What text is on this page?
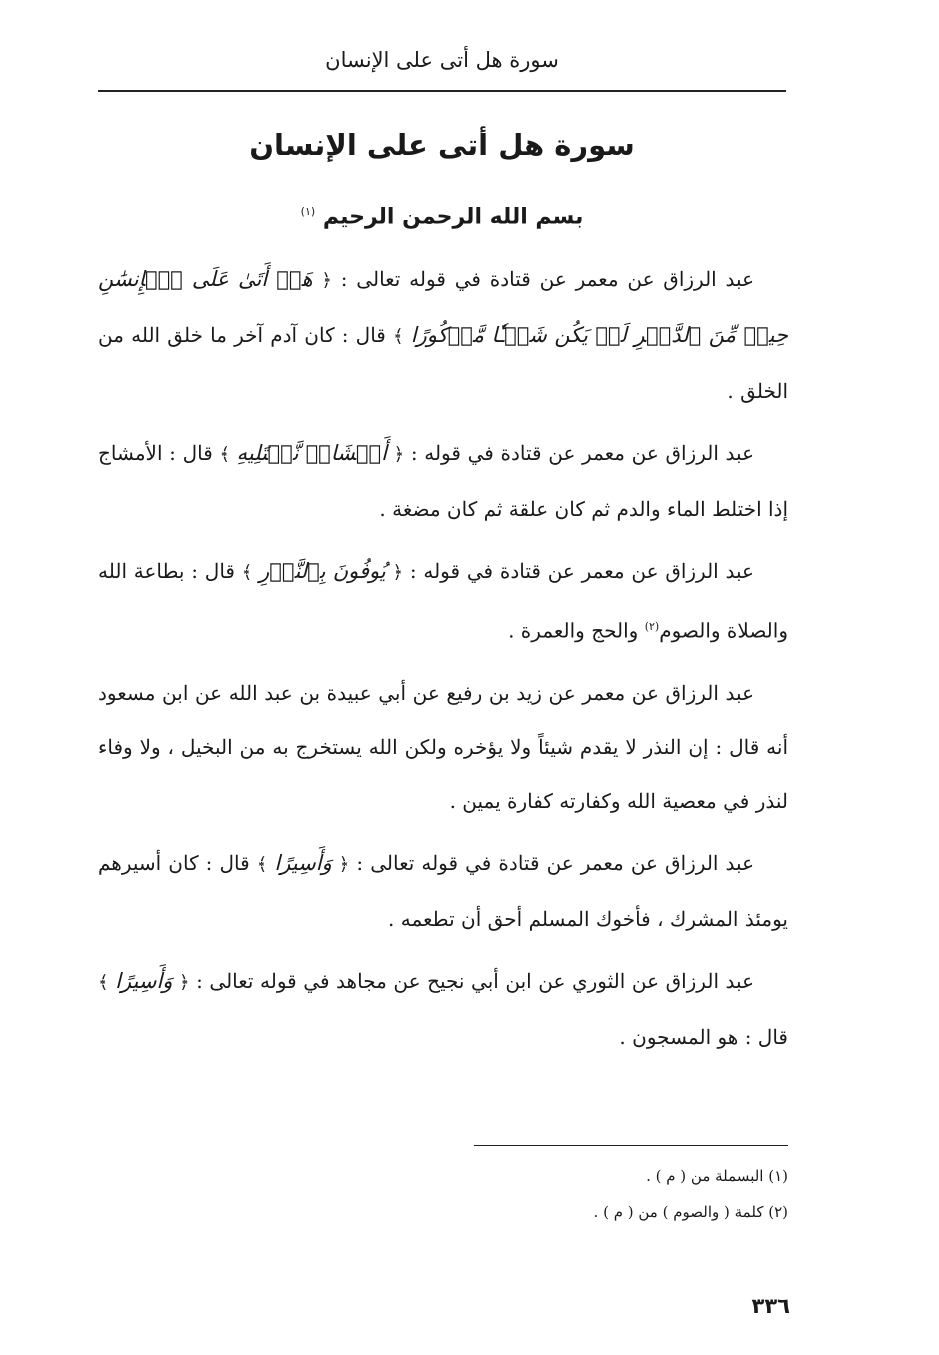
سورة هل أتى على الإنسان
سورة هل أتى على الإنسان
بسم الله الرحمن الرحيم $^{(١)}$

عبد الرزاق عن معمر عن قتادة في قوله تعالى : ﴿ هَلۡ أَتَىٰ عَلَى ٱلۡإِنسَٰنِ حِينٞ مِّنَ ٱلدَّهۡرِ لَمۡ يَكُن شَيۡـٔٗا مَّذۡكُورًا ﴾ قال : كان آدم آخر ما خلق الله من الخلق .

عبد الرزاق عن معمر عن قتادة في قوله : ﴿ أَمۡشَاجٖ نَّبۡتَلِيهِ ﴾ قال : الأمشاج إذا اختلط الماء والدم ثم كان علقة ثم كان مضغة .

عبد الرزاق عن معمر عن قتادة في قوله : ﴿ يُوفُونَ بِٱلنَّذۡرِ ﴾ قال : بطاعة الله والصلاة والصوم$^{(٢)}$ والحج والعمرة .

عبد الرزاق عن معمر عن زيد بن رفيع عن أبي عبيدة بن عبد الله عن ابن مسعود أنه قال : إن النذر لا يقدم شيئاً ولا يؤخره ولكن الله يستخرج به من البخيل ، ولا وفاء لنذر في معصية الله وكفارته كفارة يمين .

عبد الرزاق عن معمر عن قتادة في قوله تعالى : ﴿ وَأَسِيرًا ﴾ قال : كان أسيرهم يومئذ المشرك ، فأخوك المسلم أحق أن تطعمه .

عبد الرزاق عن الثوري عن ابن أبي نجيح عن مجاهد في قوله تعالى : ﴿ وَأَسِيرًا ﴾ قال : هو المسجون .

(١) البسملة من ( م ) .
(٢) كلمة ( والصوم ) من ( م ) .
٣٣٦
